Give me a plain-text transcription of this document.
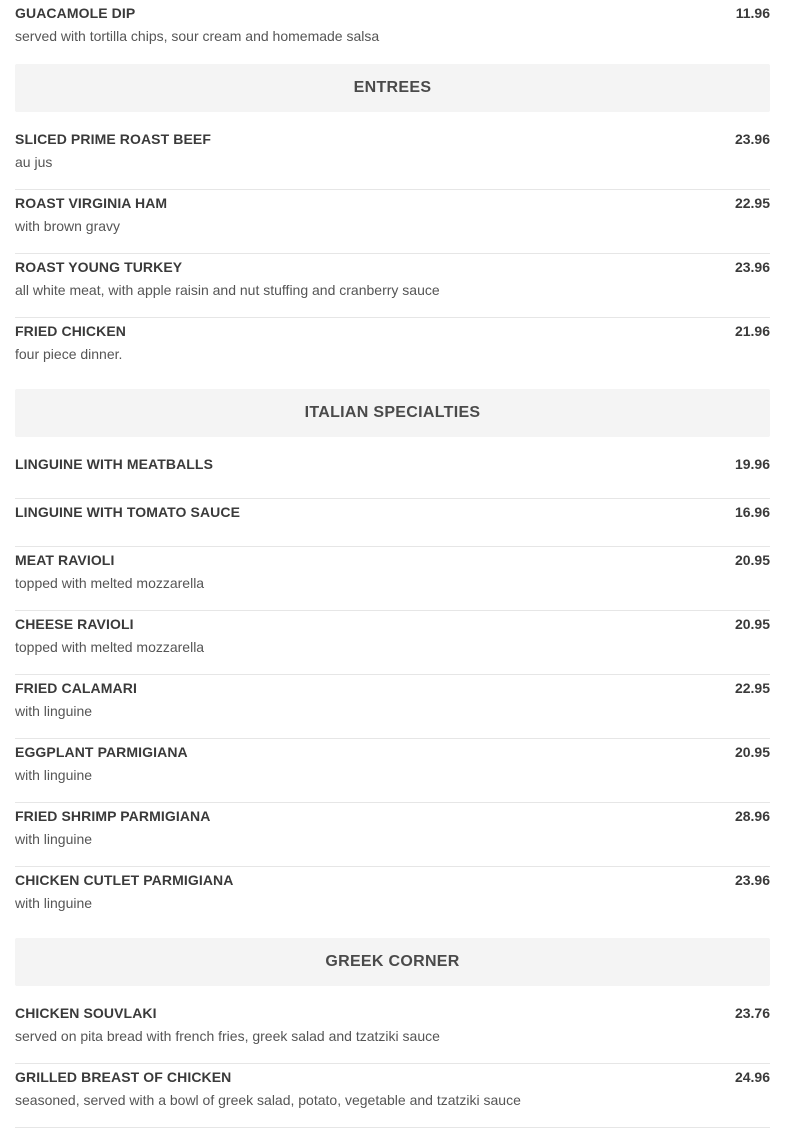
GUACAMOLE DIP	11.96
served with tortilla chips, sour cream and homemade salsa
ENTREES
SLICED PRIME ROAST BEEF	23.96
au jus
ROAST VIRGINIA HAM	22.95
with brown gravy
ROAST YOUNG TURKEY	23.96
all white meat, with apple raisin and nut stuffing and cranberry sauce
FRIED CHICKEN	21.96
four piece dinner.
ITALIAN SPECIALTIES
LINGUINE WITH MEATBALLS	19.96
LINGUINE WITH TOMATO SAUCE	16.96
MEAT RAVIOLI	20.95
topped with melted mozzarella
CHEESE RAVIOLI	20.95
topped with melted mozzarella
FRIED CALAMARI	22.95
with linguine
EGGPLANT PARMIGIANA	20.95
with linguine
FRIED SHRIMP PARMIGIANA	28.96
with linguine
CHICKEN CUTLET PARMIGIANA	23.96
with linguine
GREEK CORNER
CHICKEN SOUVLAKI	23.76
served on pita bread with french fries, greek salad and tzatziki sauce
GRILLED BREAST OF CHICKEN	24.96
seasoned, served with a bowl of greek salad, potato, vegetable and tzatziki sauce
